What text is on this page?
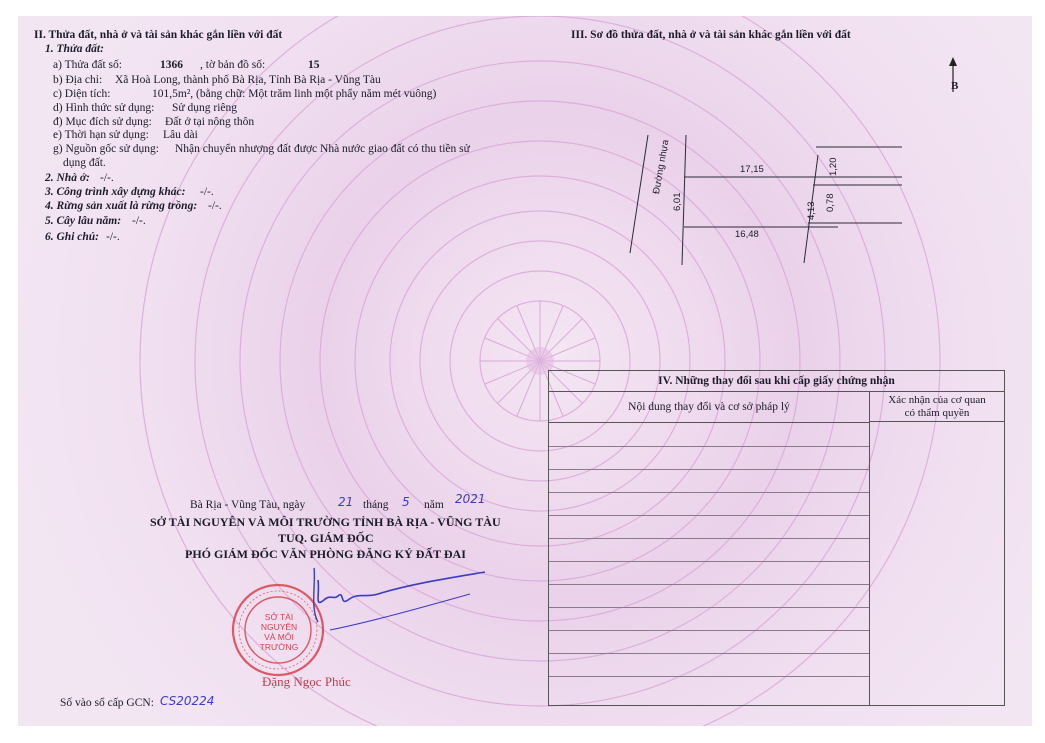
II. Thửa đất, nhà ở và tài sản khác gắn liền với đất
1. Thửa đất:
a) Thửa đất số:	1366 , tờ bản đồ số:	15
b) Địa chỉ: Xã Hoà Long, thành phố Bà Rịa, Tỉnh Bà Rịa - Vũng Tàu
c) Diện tích:	101,5m², (bằng chữ: Một trăm linh một phẩy năm mét vuông)
d) Hình thức sử dụng: Sử dụng riêng
đ) Mục đích sử dụng: Đất ở tại nông thôn
e) Thời hạn sử dụng: Lâu dài
g) Nguồn gốc sử dụng: Nhận chuyển nhượng đất được Nhà nước giao đất có thu tiền sử
dụng đất.
2. Nhà ở: -/-.
3. Công trình xây dựng khác: -/-.
4. Rừng sản xuất là rừng trồng: -/-.
5. Cây lâu năm: -/-.
6. Ghi chú: -/-.
III. Sơ đồ thửa đất, nhà ở và tài sản khác gắn liền với đất
B
Đường nhựa
6,01
17,15
16,48
4,13
1,20
0,78
IV. Những thay đổi sau khi cấp giấy chứng nhận
Nội dung thay đổi và cơ sở pháp lý
Xác nhận của cơ quan
có thẩm quyền
Bà Rịa - Vũng Tàu, ngày	21 tháng 5 năm 2021
SỞ TÀI NGUYÊN VÀ MÔI TRƯỜNG TỈNH BÀ RỊA - VŨNG TÀU
TUQ. GIÁM ĐỐC
PHÓ GIÁM ĐỐC VĂN PHÒNG ĐĂNG KÝ ĐẤT ĐAI
SỞ TÀI NGUYÊN VÀ MÔI TRƯỜNG
Đặng Ngọc Phúc
Số vào sổ cấp GCN: CS20224
